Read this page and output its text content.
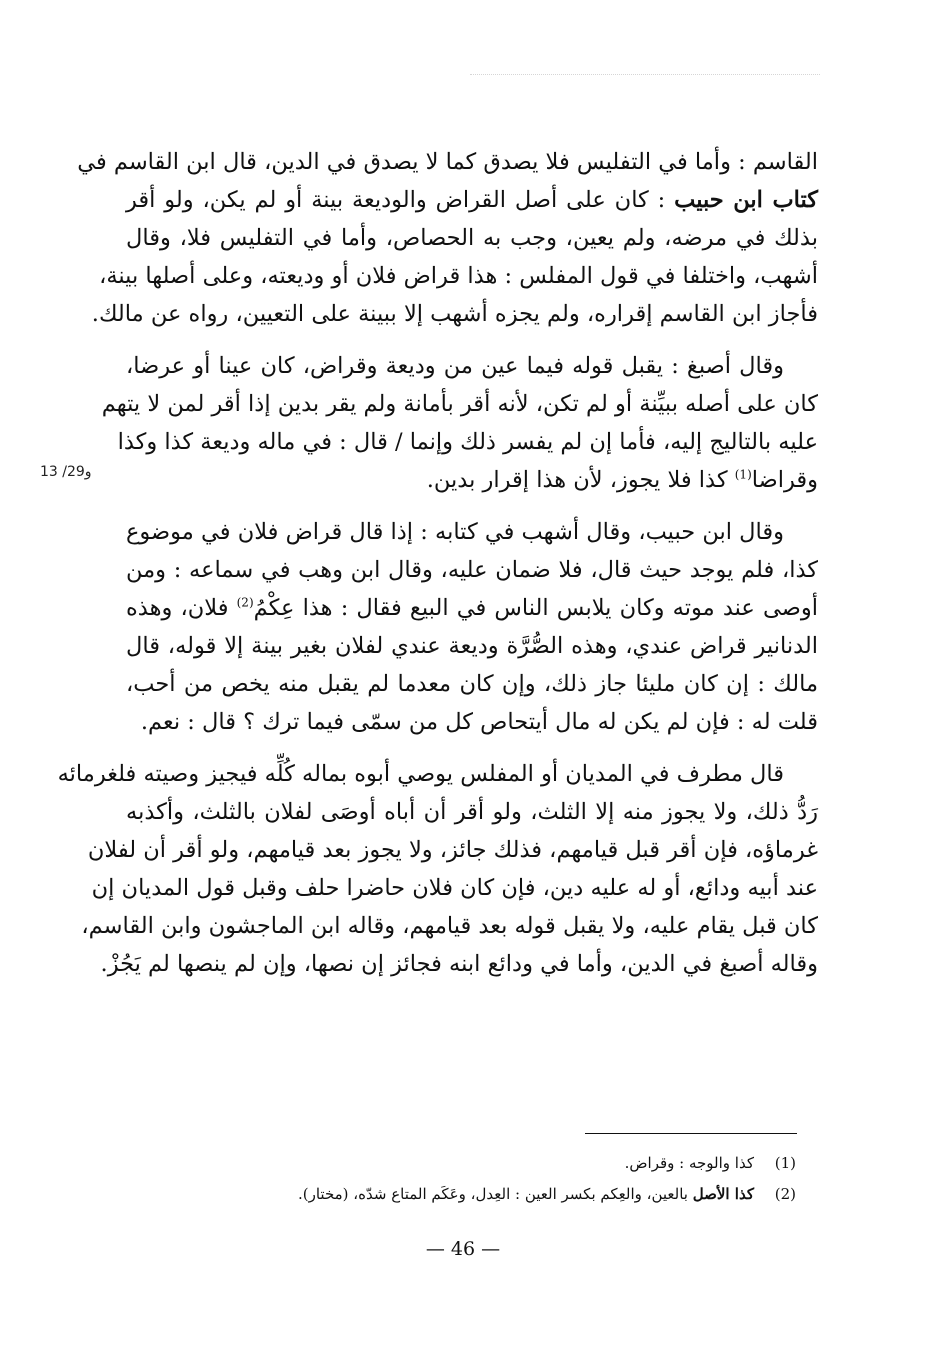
القاسم : وأما في التفليس فلا يصدق كما لا يصدق في الدين، قال ابن القاسم في
كتاب ابن حبيب : كان على أصل القراض والوديعة بينة أو لم يكن، ولو أقر
بذلك في مرضه، ولم يعين، وجب به الحصاص، وأما في التفليس فلا، وقال
أشهب، واختلفا في قول المفلس : هذا قراض فلان أو وديعته، وعلى أصلها بينة،
فأجاز ابن القاسم إقراره، ولم يجزه أشهب إلا ببينة على التعيين، رواه عن مالك.
وقال أصبغ : يقبل قوله فيما عين من وديعة وقراض، كان عينا أو عرضا،
كان على أصله ببيِّنة أو لم تكن، لأنه أقر بأمانة ولم يقر بدين إذا أقر لمن لا يتهم
عليه بالتاليج إليه، فأما إن لم يفسر ذلك وإنما / قال : في ماله وديعة كذا وكذا
وقراضا$^{(1)}$ كذا فلا يجوز، لأن هذا إقرار بدين.
وقال ابن حبيب، وقال أشهب في كتابه : إذا قال قراض فلان في موضوع
كذا، فلم يوجد حيث قال، فلا ضمان عليه، وقال ابن وهب في سماعه : ومن
أوصى عند موته وكان يلابس الناس في البيع فقال : هذا عِكْمُ$^{(2)}$ فلان، وهذه
الدنانير قراض عندي، وهذه الصُّرَّة وديعة عندي لفلان بغير بينة إلا قوله، قال
مالك : إن كان مليئا جاز ذلك، وإن كان معدما لم يقبل منه يخص من أحب،
قلت له : فإن لم يكن له مال أيتحاص كل من سمّى فيما ترك ؟ قال : نعم.
قال مطرف في المديان أو المفلس يوصي أبوه بماله كُلِّه فيجيز وصيته فلغرمائه
رَدُّ ذلك، ولا يجوز منه إلا الثلث، ولو أقر أن أباه أوصَى لفلان بالثلث، وأكذبه
غرماؤه، فإن أقر قبل قيامهم، فذلك جائز، ولا يجوز بعد قيامهم، ولو أقر أن لفلان
عند أبيه ودائع، أو له عليه دين، فإن كان فلان حاضرا حلف وقبل قول المديان إن
كان قبل يقام عليه، ولا يقبل قوله بعد قيامهم، وقاله ابن الماجشون وابن القاسم،
وقاله أصبغ في الدين، وأما في ودائع ابنه فجائز إن نصها، وإن لم ينصها لم يَجُزْ.
13 /29و
(1)
كذا والوجه : وقراض.
(2)
كذا الأصل بالعين، والعِكم بكسر العين : العِدل، وعَكَم المتاع شدّه، (مختار).
— 46 —
